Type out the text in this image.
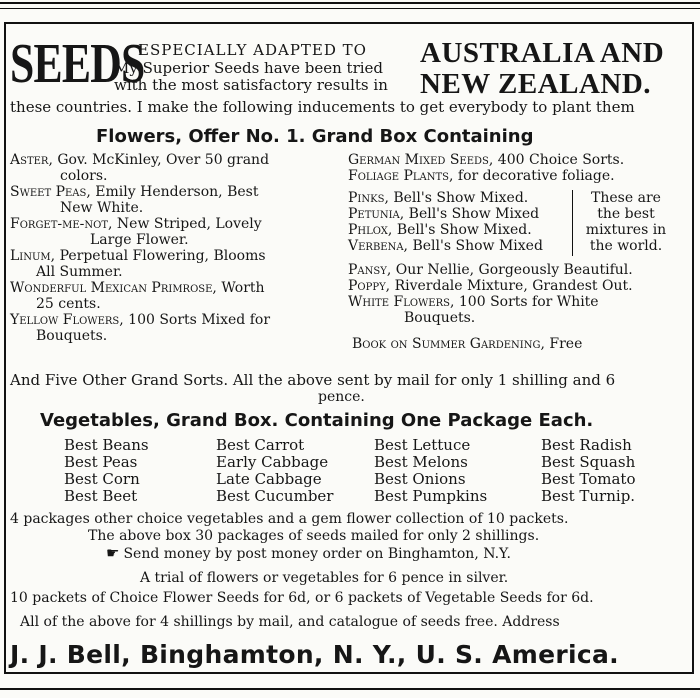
SEEDS
ESPECIALLY ADAPTED TO
My Superior Seeds have been tried
with the most satisfactory results in
AUSTRALIA AND
NEW ZEALAND.
these countries. I make the following inducements to get everybody to plant them
Flowers, Offer No. 1. Grand Box Containing
Aster, Gov. McKinley, Over 50 grand
colors.
Sweet Peas, Emily Henderson, Best
New White.
Forget-me-not, New Striped, Lovely
Large Flower.
Linum, Perpetual Flowering, Blooms
All Summer.
Wonderful Mexican Primrose, Worth
25 cents.
Yellow Flowers, 100 Sorts Mixed for
Bouquets.
German Mixed Seeds, 400 Choice Sorts.
Foliage Plants, for decorative foliage.
Pinks, Bell's Show Mixed.
Petunia, Bell's Show Mixed
Phlox, Bell's Show Mixed.
Verbena, Bell's Show Mixed
These are
the best
mixtures in
the world.
Pansy, Our Nellie, Gorgeously Beautiful.
Poppy, Riverdale Mixture, Grandest Out.
White Flowers, 100 Sorts for White
Bouquets.
Book on Summer Gardening, Free
And Five Other Grand Sorts. All the above sent by mail for only 1 shilling and 6
pence.
Vegetables, Grand Box. Containing One Package Each.
Best Beans
Best Peas
Best Corn
Best Beet
Best Carrot
Early Cabbage
Late Cabbage
Best Cucumber
Best Lettuce
Best Melons
Best Onions
Best Pumpkins
Best Radish
Best Squash
Best Tomato
Best Turnip.
4 packages other choice vegetables and a gem flower collection of 10 packets.
The above box 30 packages of seeds mailed for only 2 shillings.
☛ Send money by post money order on Binghamton, N.Y.
A trial of flowers or vegetables for 6 pence in silver.
10 packets of Choice Flower Seeds for 6d, or 6 packets of Vegetable Seeds for 6d.
All of the above for 4 shillings by mail, and catalogue of seeds free. Address
J. J. Bell, Binghamton, N. Y., U. S. America.
